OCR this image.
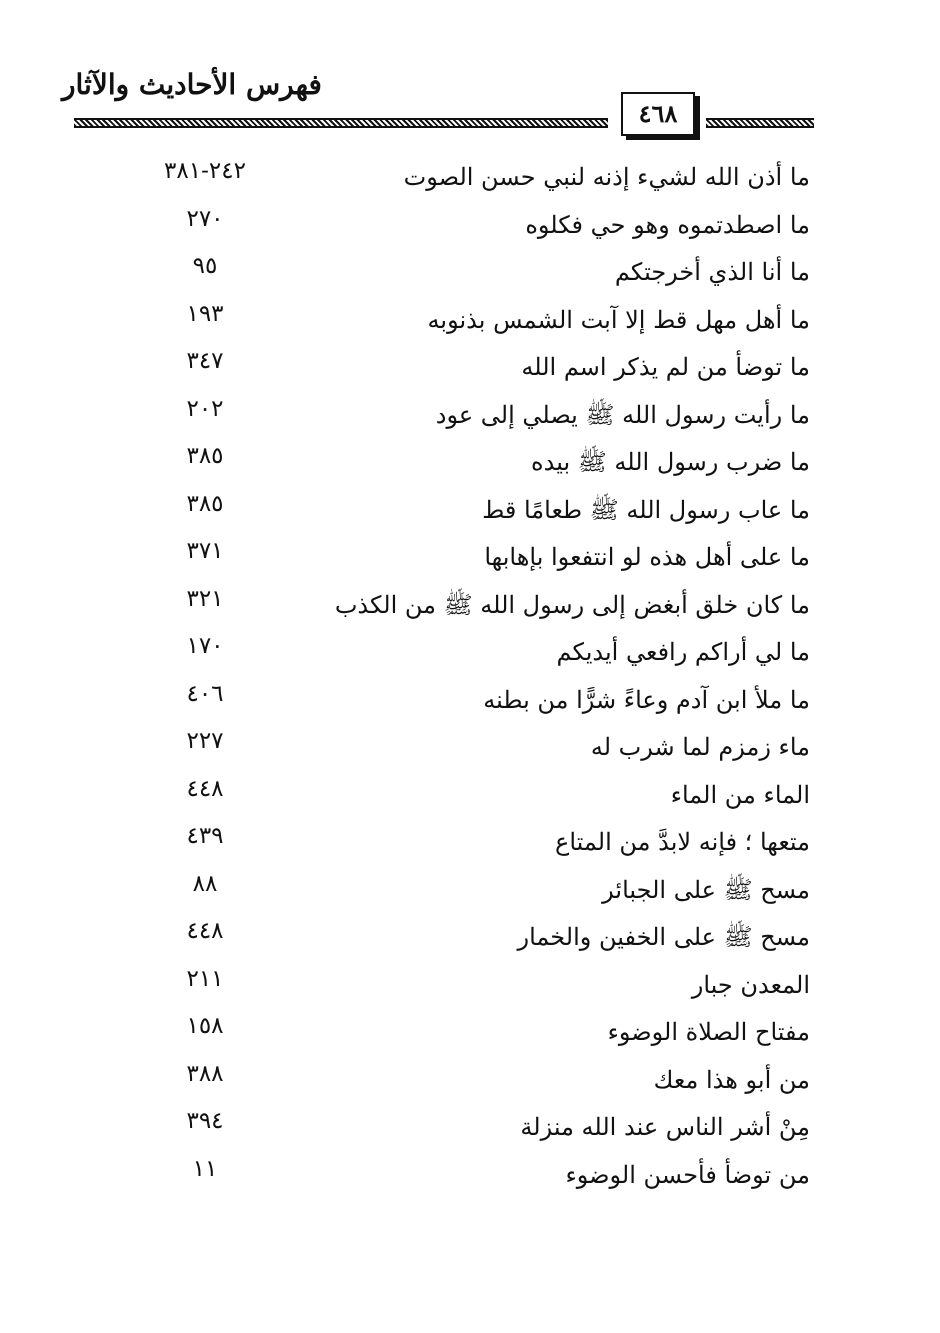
فهرس الأحاديث والآثار
٤٦٨
ما أذن الله لشيء إذنه لنبي حسن الصوت
٢٤٢-٣٨١
ما اصطدتموه وهو حي فكلوه
٢٧٠
ما أنا الذي أخرجتكم
٩٥
ما أهل مهل قط إلا آبت الشمس بذنوبه
١٩٣
ما توضأ من لم يذكر اسم الله
٣٤٧
ما رأيت رسول الله ﷺ يصلي إلى عود
٢٠٢
ما ضرب رسول الله ﷺ بيده
٣٨٥
ما عاب رسول الله ﷺ طعامًا قط
٣٨٥
ما على أهل هذه لو انتفعوا بإهابها
٣٧١
ما كان خلق أبغض إلى رسول الله ﷺ من الكذب
٣٢١
ما لي أراكم رافعي أيديكم
١٧٠
ما ملأ ابن آدم وعاءً شرًّا من بطنه
٤٠٦
ماء زمزم لما شرب له
٢٢٧
الماء من الماء
٤٤٨
متعها ؛ فإنه لابدَّ من المتاع
٤٣٩
مسح ﷺ على الجبائر
٨٨
مسح ﷺ على الخفين والخمار
٤٤٨
المعدن جبار
٢١١
مفتاح الصلاة الوضوء
١٥٨
من أبو هذا معك
٣٨٨
مِنْ أشر الناس عند الله منزلة
٣٩٤
من توضأ فأحسن الوضوء
١١
